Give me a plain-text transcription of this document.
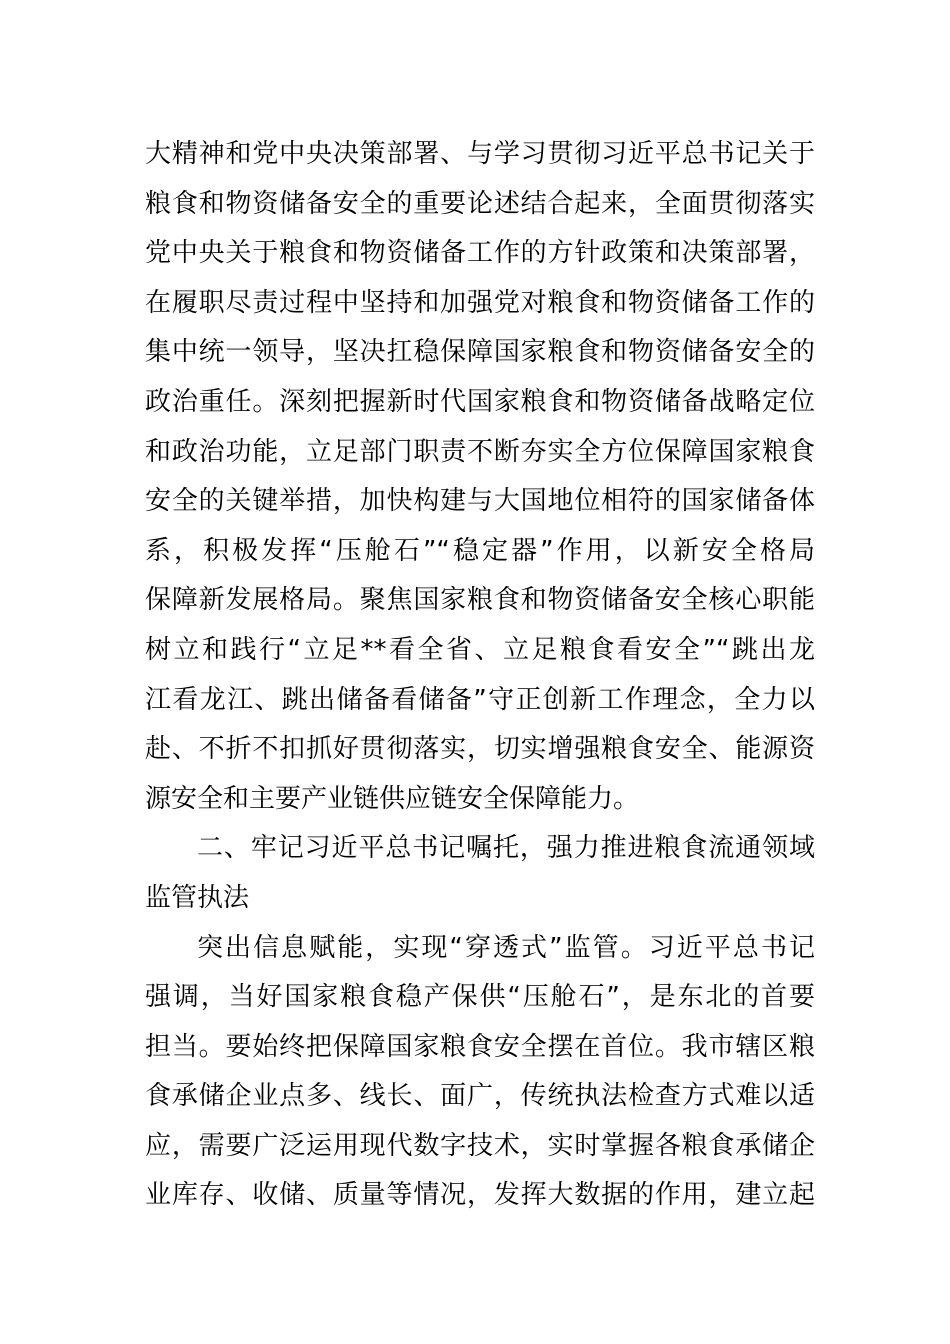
大精神和党中央决策部署、与学习贯彻习近平总书记关于
粮食和物资储备安全的重要论述结合起来，全面贯彻落实
党中央关于粮食和物资储备工作的方针政策和决策部署，
在履职尽责过程中坚持和加强党对粮食和物资储备工作的
集中统一领导，坚决扛稳保障国家粮食和物资储备安全的
政治重任。深刻把握新时代国家粮食和物资储备战略定位
和政治功能，立足部门职责不断夯实全方位保障国家粮食
安全的关键举措，加快构建与大国地位相符的国家储备体
系，积极发挥“压舱石”“稳定器”作用，以新安全格局
保障新发展格局。聚焦国家粮食和物资储备安全核心职能
树立和践行“立足**看全省、立足粮食看安全”“跳出龙
江看龙江、跳出储备看储备”守正创新工作理念，全力以
赴、不折不扣抓好贯彻落实，切实增强粮食安全、能源资
源安全和主要产业链供应链安全保障能力。
二、牢记习近平总书记嘱托，强力推进粮食流通领域
监管执法
突出信息赋能，实现“穿透式”监管。习近平总书记
强调，当好国家粮食稳产保供“压舱石”，是东北的首要
担当。要始终把保障国家粮食安全摆在首位。我市辖区粮
食承储企业点多、线长、面广，传统执法检查方式难以适
应，需要广泛运用现代数字技术，实时掌握各粮食承储企
业库存、收储、质量等情况，发挥大数据的作用，建立起
